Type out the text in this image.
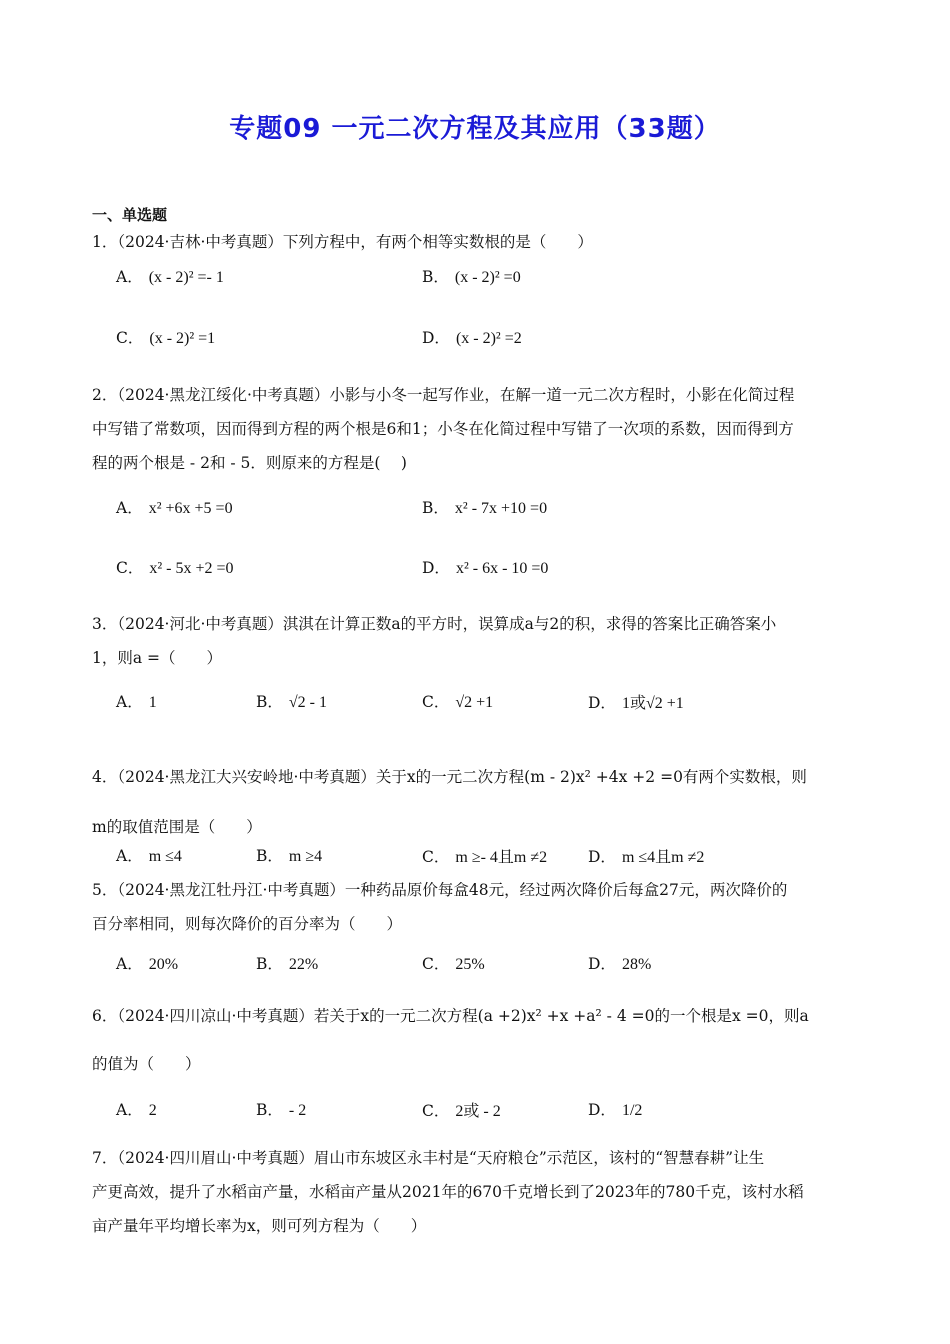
专题09 一元二次方程及其应用（33题）
一、单选题
1．（2024·吉林·中考真题）下列方程中，有两个相等实数根的是（　　）
A． (x - 2)² =- 1	B． (x - 2)² =0
C． (x - 2)² =1	D． (x - 2)² =2
2．（2024·黑龙江绥化·中考真题）小影与小冬一起写作业，在解一道一元二次方程时，小影在化简过程
中写错了常数项，因而得到方程的两个根是6和1；小冬在化简过程中写错了一次项的系数，因而得到方
程的两个根是 - 2和 - 5．则原来的方程是(　 )
A． x² +6x +5 =0	B． x² - 7x +10 =0
C． x² - 5x +2 =0	D． x² - 6x - 10 =0
3．（2024·河北·中考真题）淇淇在计算正数a的平方时，误算成a与2的积，求得的答案比正确答案小
1，则a =（　　）
A． 1	B． √2 - 1	C． √2 +1	D． 1或√2 +1
4．（2024·黑龙江大兴安岭地·中考真题）关于x的一元二次方程(m - 2)x² +4x +2 =0有两个实数根，则
m的取值范围是（　　）
A． m ≤4	B． m ≥4	C． m ≥- 4且m ≠2	D． m ≤4且m ≠2
5．（2024·黑龙江牡丹江·中考真题）一种药品原价每盒48元，经过两次降价后每盒27元，两次降价的
百分率相同，则每次降价的百分率为（　　）
A． 20%	B． 22%	C． 25%	D． 28%
6．（2024·四川凉山·中考真题）若关于x的一元二次方程(a +2)x² +x +a² - 4 =0的一个根是x =0，则a
的值为（　　）
A． 2	B． - 2	C． 2或 - 2	D． 1/2
7．（2024·四川眉山·中考真题）眉山市东坡区永丰村是“天府粮仓”示范区，该村的“智慧春耕”让生
产更高效，提升了水稻亩产量，水稻亩产量从2021年的670千克增长到了2023年的780千克，该村水稻
亩产量年平均增长率为x，则可列方程为（　　）
